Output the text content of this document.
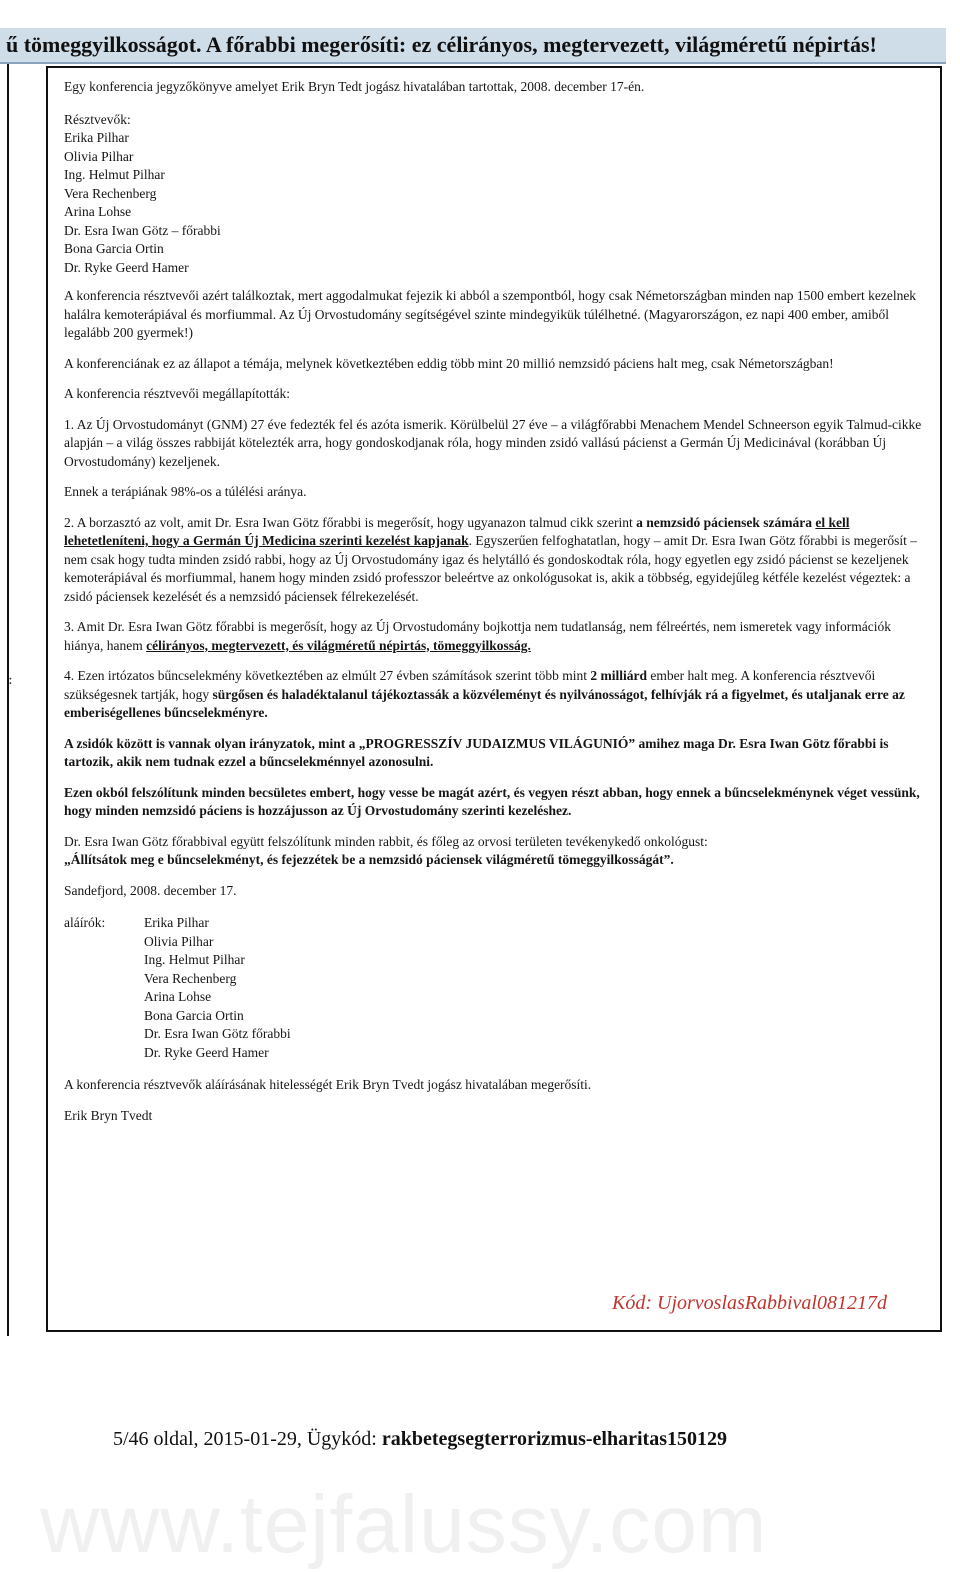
ű tömeggyilkosságot. A főrabbi megerősíti: ez célirányos, megtervezett, világméretű népirtás!
:

Egy konferencia jegyzőkönyve amelyet Erik Bryn Tedt jogász hivatalában tartottak, 2008. december 17-én.

Résztvevők:

Erika Pilhar
Olivia Pilhar
Ing. Helmut Pilhar
Vera Rechenberg
Arina Lohse
Dr. Esra Iwan Götz – főrabbi
Bona Garcia Ortin
Dr. Ryke Geerd Hamer

A konferencia résztvevői azért találkoztak, mert aggodalmukat fejezik ki abból a szempontból, hogy csak Németországban minden nap 1500 embert kezelnek halálra kemoterápiával és morfiummal. Az Új Orvostudomány segítségével szinte mindegyikük túlélhetné. (Magyarországon, ez napi 400 ember, amiből legalább 200 gyermek!)

A konferenciának ez az állapot a témája, melynek következtében eddig több mint 20 millió nemzsidó páciens halt meg, csak Németországban!

A konferencia résztvevői megállapították:

1. Az Új Orvostudományt (GNM) 27 éve fedezték fel és azóta ismerik. Körülbelül 27 éve – a világfőrabbi Menachem Mendel Schneerson egyik Talmud-cikke alapján – a világ összes rabbiját kötelezték arra, hogy gondoskodjanak róla, hogy minden zsidó vallású pácienst a Germán Új Medicinával (korábban Új Orvostudomány) kezeljenek.

Ennek a terápiának 98%-os a túlélési aránya.

2. A borzasztó az volt, amit Dr. Esra Iwan Götz főrabbi is megerősít, hogy ugyanazon talmud cikk szerint a nemzsidó páciensek számára el kell lehetetleníteni, hogy a Germán Új Medicina szerinti kezelést kapjanak. Egyszerűen felfoghatatlan, hogy – amit Dr. Esra Iwan Götz főrabbi is megerősít – nem csak hogy tudta minden zsidó rabbi, hogy az Új Orvostudomány igaz és helytálló és gondoskodtak róla, hogy egyetlen egy zsidó pácienst se kezeljenek kemoterápiával és morfiummal, hanem hogy minden zsidó professzor beleértve az onkológusokat is, akik a többség, egyidejűleg kétféle kezelést végeztek: a zsidó páciensek kezelését és a nemzsidó páciensek félrekezelését.

3. Amit Dr. Esra Iwan Götz főrabbi is megerősít, hogy az Új Orvostudomány bojkottja nem tudatlanság, nem félreértés, nem ismeretek vagy információk hiánya, hanem célirányos, megtervezett, és világméretű népirtás, tömeggyilkosság.

4. Ezen irtózatos bűncselekmény következtében az elmúlt 27 évben számítások szerint több mint 2 milliárd ember halt meg. A konferencia résztvevői szükségesnek tartják, hogy sürgősen és haladéktalanul tájékoztassák a közvéleményt és nyilvánosságot, felhívják rá a figyelmet, és utaljanak erre az emberiségellenes bűncselekményre.

A zsidók között is vannak olyan irányzatok, mint a „PROGRESSZÍV JUDAIZMUS VILÁGUNIÓ” amihez maga Dr. Esra Iwan Götz főrabbi is tartozik, akik nem tudnak ezzel a bűncselekménnyel azonosulni.

Ezen okból felszólítunk minden becsületes embert, hogy vesse be magát azért, és vegyen részt abban, hogy ennek a bűncselekménynek véget vessünk, hogy minden nemzsidó páciens is hozzájusson az Új Orvostudomány szerinti kezeléshez.

Dr. Esra Iwan Götz főrabbival együtt felszólítunk minden rabbit, és főleg az orvosi területen tevékenykedő onkológust:

„Állítsátok meg e bűncselekményt, és fejezzétek be a nemzsidó páciensek világméretű tömeggyilkosságát”.

Sandefjord, 2008. december 17.

aláírók:	Erika Pilhar
Olivia Pilhar
Ing. Helmut Pilhar
Vera Rechenberg
Arina Lohse
Bona Garcia Ortin
Dr. Esra Iwan Götz főrabbi
Dr. Ryke Geerd Hamer

A konferencia résztvevők aláírásának hitelességét Erik Bryn Tvedt jogász hivatalában megerősíti.

Erik Bryn Tvedt

Kód: UjorvoslasRabbival081217d
5/46 oldal, 2015-01-29, Ügykód: rakbetegsegterrorizmus-elharitas150129
www.tejfalussy.com
